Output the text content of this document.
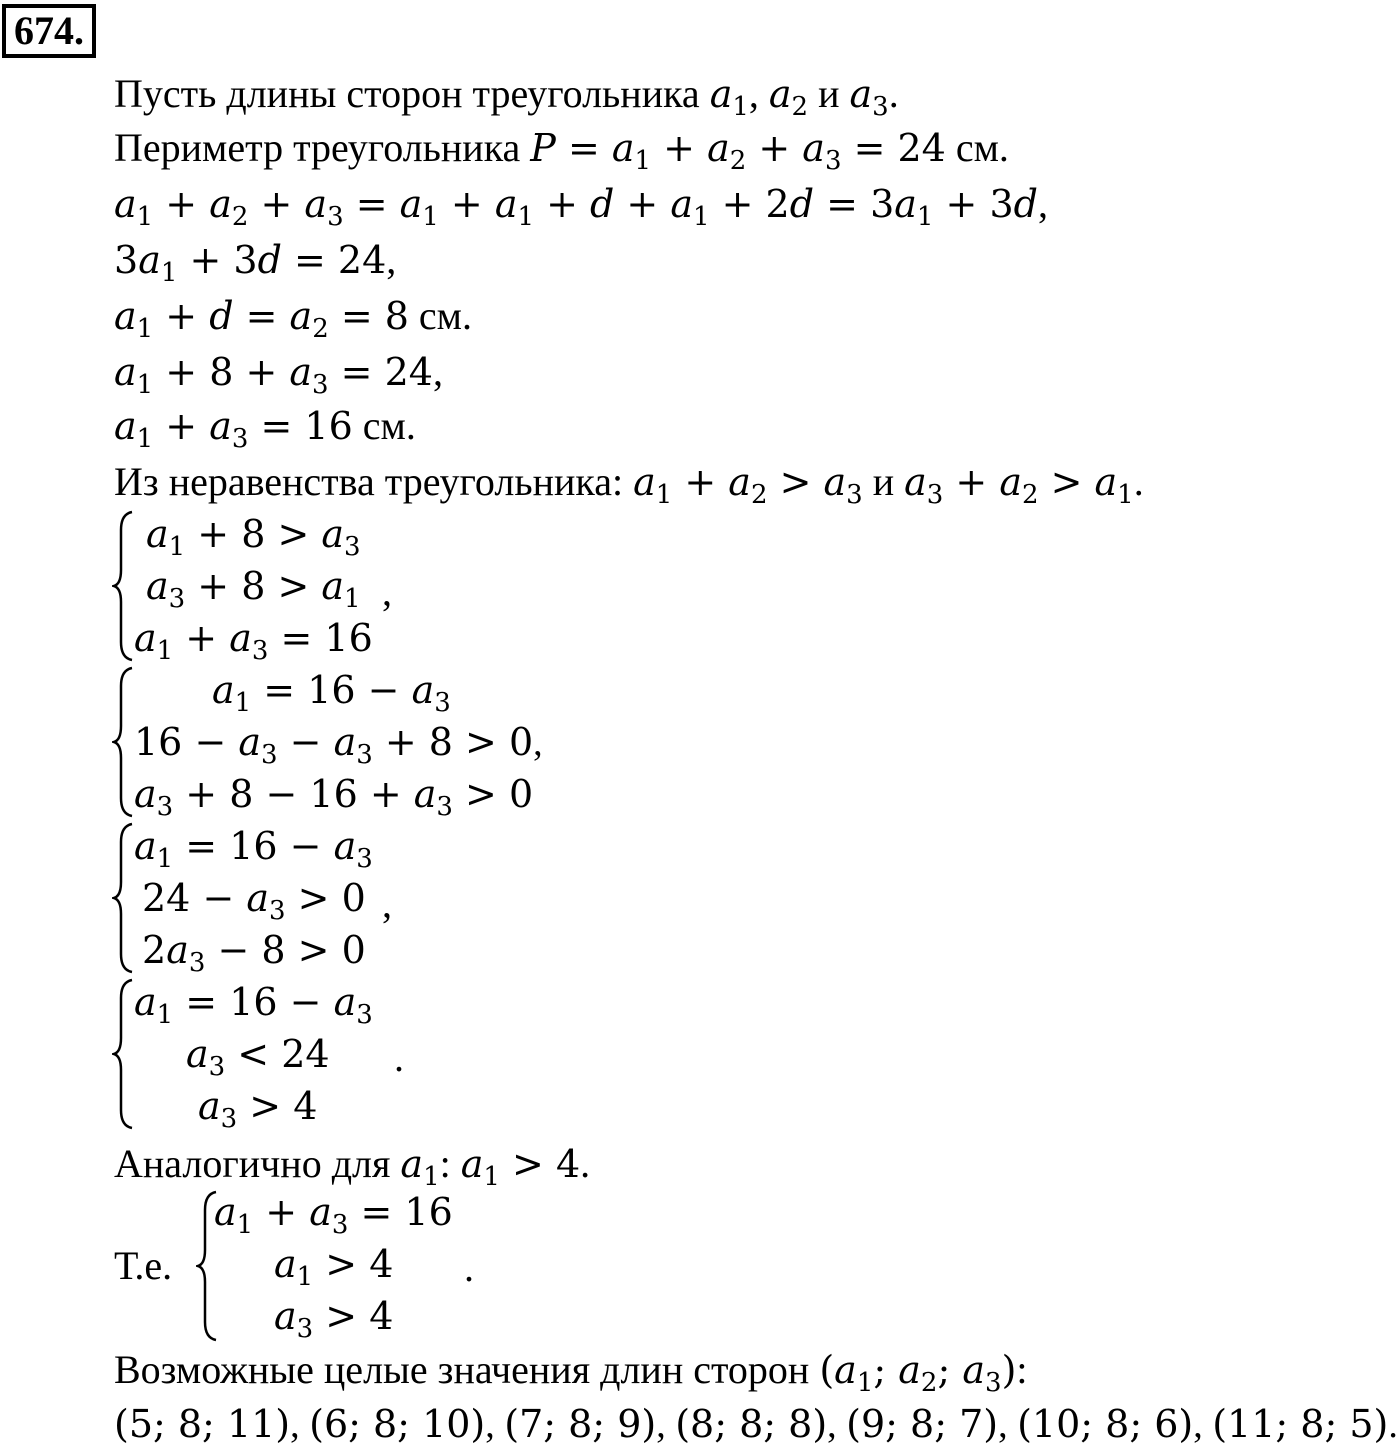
674.
Пусть длины сторон треугольника $a_1$, $a_2$ и $a_3$.
Периметр треугольника $P = a_1 + a_2 + a_3 = 24$ см.
$a_1 + a_2 + a_3 = a_1 + a_1 + d + a_1 + 2d = 3a_1 + 3d$,
$3a_1 + 3d = 24$,
$a_1 + d = a_2 = 8$ см.
$a_1 + 8 + a_3 = 24$,
$a_1 + a_3 = 16$ см.
Из неравенства треугольника: $a_1 + a_2 > a_3$ и $a_3 + a_2 > a_1$.
$a_1 + 8 > a_3$
$a_3 + 8 > a_1$
$a_1 + a_3 = 16$
,
$a_1 = 16 - a_3$
$16 - a_3 - a_3 + 8 > 0$,
$a_3 + 8 - 16 + a_3 > 0$
$a_1 = 16 - a_3$
$24 - a_3 > 0$
$2a_3 - 8 > 0$
,
$a_1 = 16 - a_3$
$a_3 < 24$
$a_3 > 4$
.
Аналогично для $a_1$: $a_1 > 4$.
Т.е.
$a_1 + a_3 = 16$
$a_1 > 4$
$a_3 > 4$
.
Возможные целые значения длин сторон ($a_1$; $a_2$; $a_3$):
(5; 8; 11), (6; 8; 10), (7; 8; 9), (8; 8; 8), (9; 8; 7), (10; 8; 6), (11; 8; 5).
